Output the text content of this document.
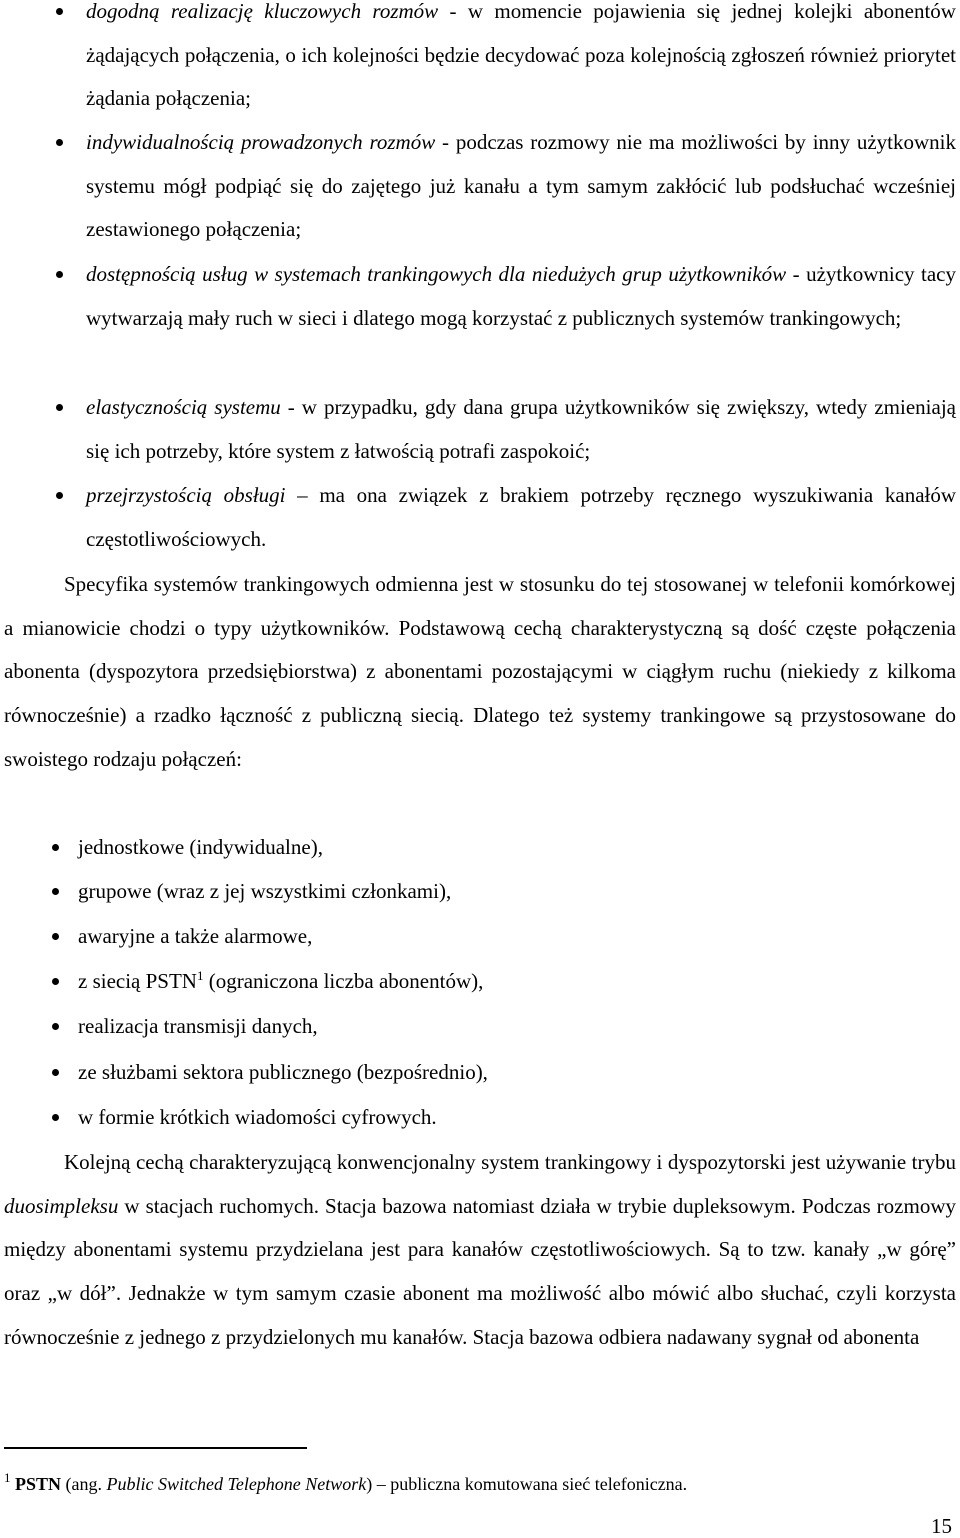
dogodną realizację kluczowych rozmów - w momencie pojawienia się jednej kolejki abonentów żądających połączenia, o ich kolejności będzie decydować poza kolejnością zgłoszeń również priorytet żądania połączenia;

indywidualnością prowadzonych rozmów - podczas rozmowy nie ma możliwości by inny użytkownik systemu mógł podpiąć się do zajętego już kanału a tym samym zakłócić lub podsłuchać wcześniej zestawionego połączenia;

dostępnością usług w systemach trankingowych dla niedużych grup użytkowników - użytkownicy tacy wytwarzają mały ruch w sieci i dlatego mogą korzystać z publicznych systemów trankingowych;

elastycznością systemu - w przypadku, gdy dana grupa użytkowników się zwiększy, wtedy zmieniają się ich potrzeby, które system z łatwością potrafi zaspokoić;

przejrzystością obsługi – ma ona związek z brakiem potrzeby ręcznego wyszukiwania kanałów częstotliwościowych.

Specyfika systemów trankingowych odmienna jest w stosunku do tej stosowanej w telefonii komórkowej a mianowicie chodzi o typy użytkowników. Podstawową cechą charakterystyczną są dość częste połączenia abonenta (dyspozytora przedsiębiorstwa) z abonentami pozostającymi w ciągłym ruchu (niekiedy z kilkoma równocześnie) a rzadko łączność z publiczną siecią. Dlatego też systemy trankingowe są przystosowane do swoistego rodzaju połączeń:

jednostkowe (indywidualne),

grupowe (wraz z jej wszystkimi członkami),

awaryjne a także alarmowe,

z siecią PSTN$^1$ (ograniczona liczba abonentów),

realizacja transmisji danych,

ze służbami sektora publicznego (bezpośrednio),

w formie krótkich wiadomości cyfrowych.

Kolejną cechą charakteryzującą konwencjonalny system trankingowy i dyspozytorski jest używanie trybu duosimpleksu w stacjach ruchomych. Stacja bazowa natomiast działa w trybie dupleksowym. Podczas rozmowy między abonentami systemu przydzielana jest para kanałów częstotliwościowych. Są to tzw. kanały „w górę” oraz „w dół”. Jednakże w tym samym czasie abonent ma możliwość albo mówić albo słuchać, czyli korzysta równocześnie z jednego z przydzielonych mu kanałów. Stacja bazowa odbiera nadawany sygnał od abonenta

$^1$ PSTN (ang. Public Switched Telephone Network) – publiczna komutowana sieć telefoniczna.

15
